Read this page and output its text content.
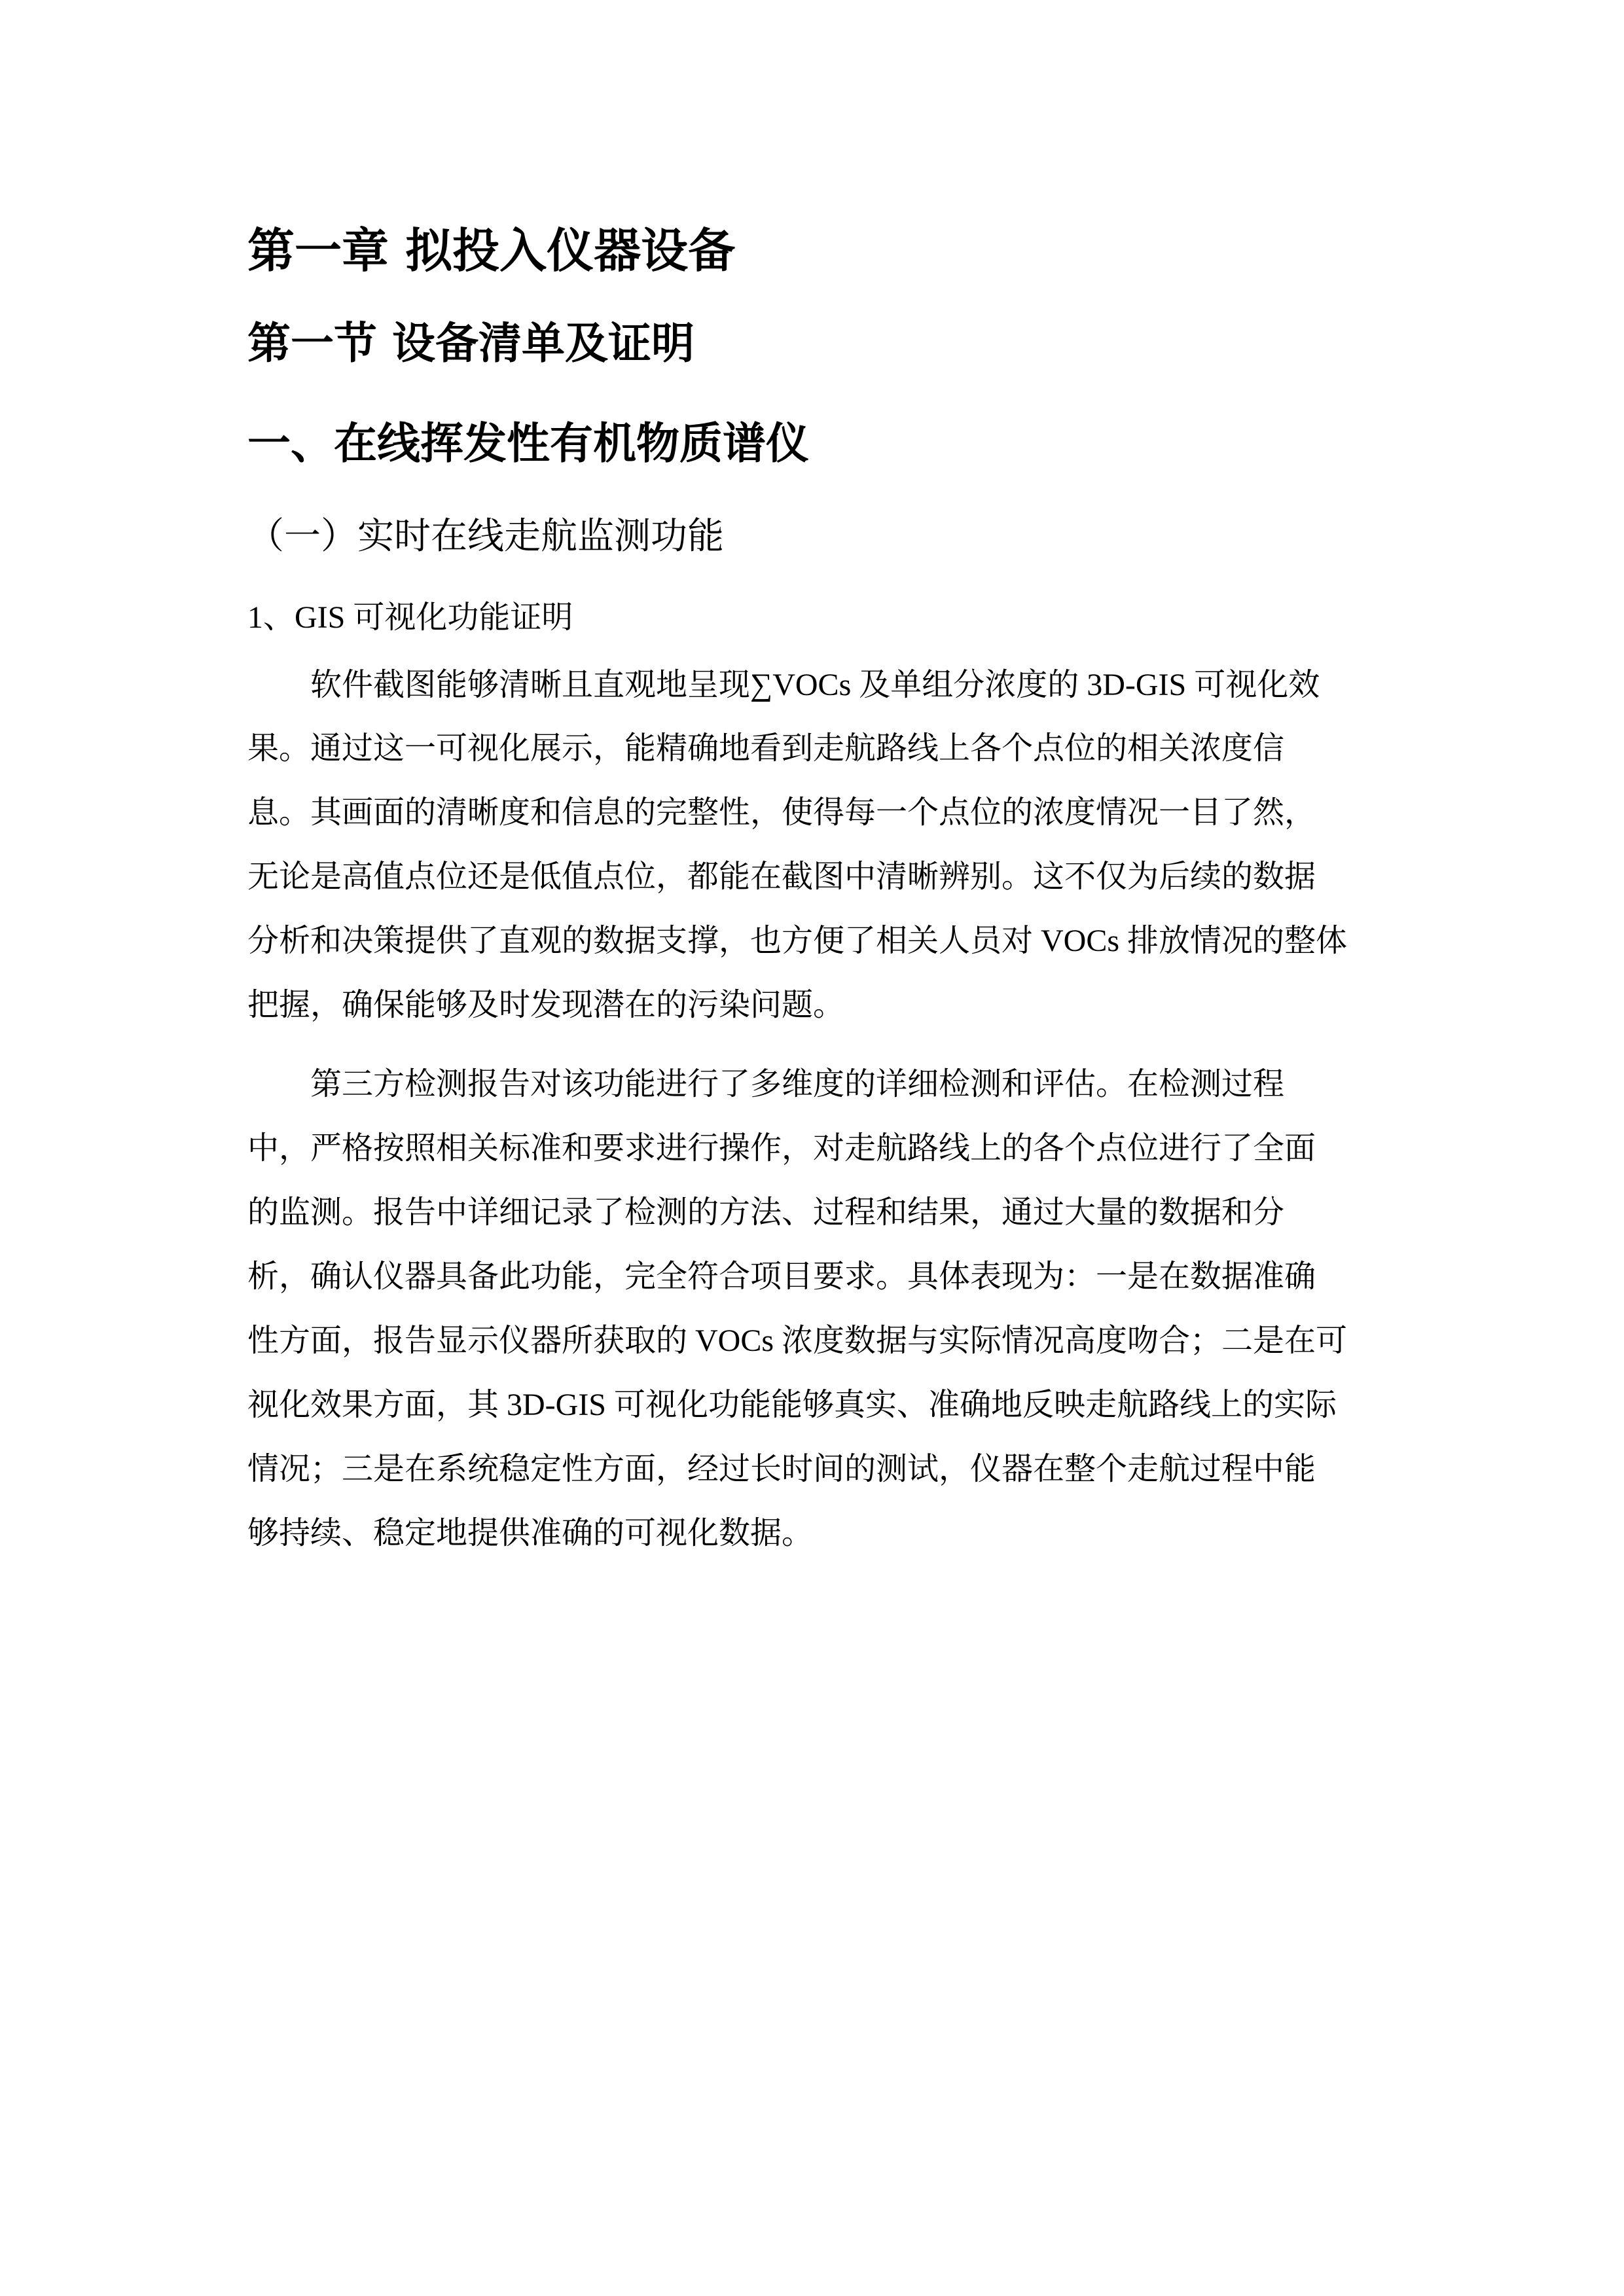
第一章 拟投入仪器设备
第一节 设备清单及证明
一、在线挥发性有机物质谱仪
（一）实时在线走航监测功能
1、GIS 可视化功能证明
软件截图能够清晰且直观地呈现∑VOCs 及单组分浓度的 3D-GIS 可视化效
果。通过这一可视化展示，能精确地看到走航路线上各个点位的相关浓度信
息。其画面的清晰度和信息的完整性，使得每一个点位的浓度情况一目了然，
无论是高值点位还是低值点位，都能在截图中清晰辨别。这不仅为后续的数据
分析和决策提供了直观的数据支撑，也方便了相关人员对 VOCs 排放情况的整体
把握，确保能够及时发现潜在的污染问题。
第三方检测报告对该功能进行了多维度的详细检测和评估。在检测过程
中，严格按照相关标准和要求进行操作，对走航路线上的各个点位进行了全面
的监测。报告中详细记录了检测的方法、过程和结果，通过大量的数据和分
析，确认仪器具备此功能，完全符合项目要求。具体表现为：一是在数据准确
性方面，报告显示仪器所获取的 VOCs 浓度数据与实际情况高度吻合；二是在可
视化效果方面，其 3D-GIS 可视化功能能够真实、准确地反映走航路线上的实际
情况；三是在系统稳定性方面，经过长时间的测试，仪器在整个走航过程中能
够持续、稳定地提供准确的可视化数据。
